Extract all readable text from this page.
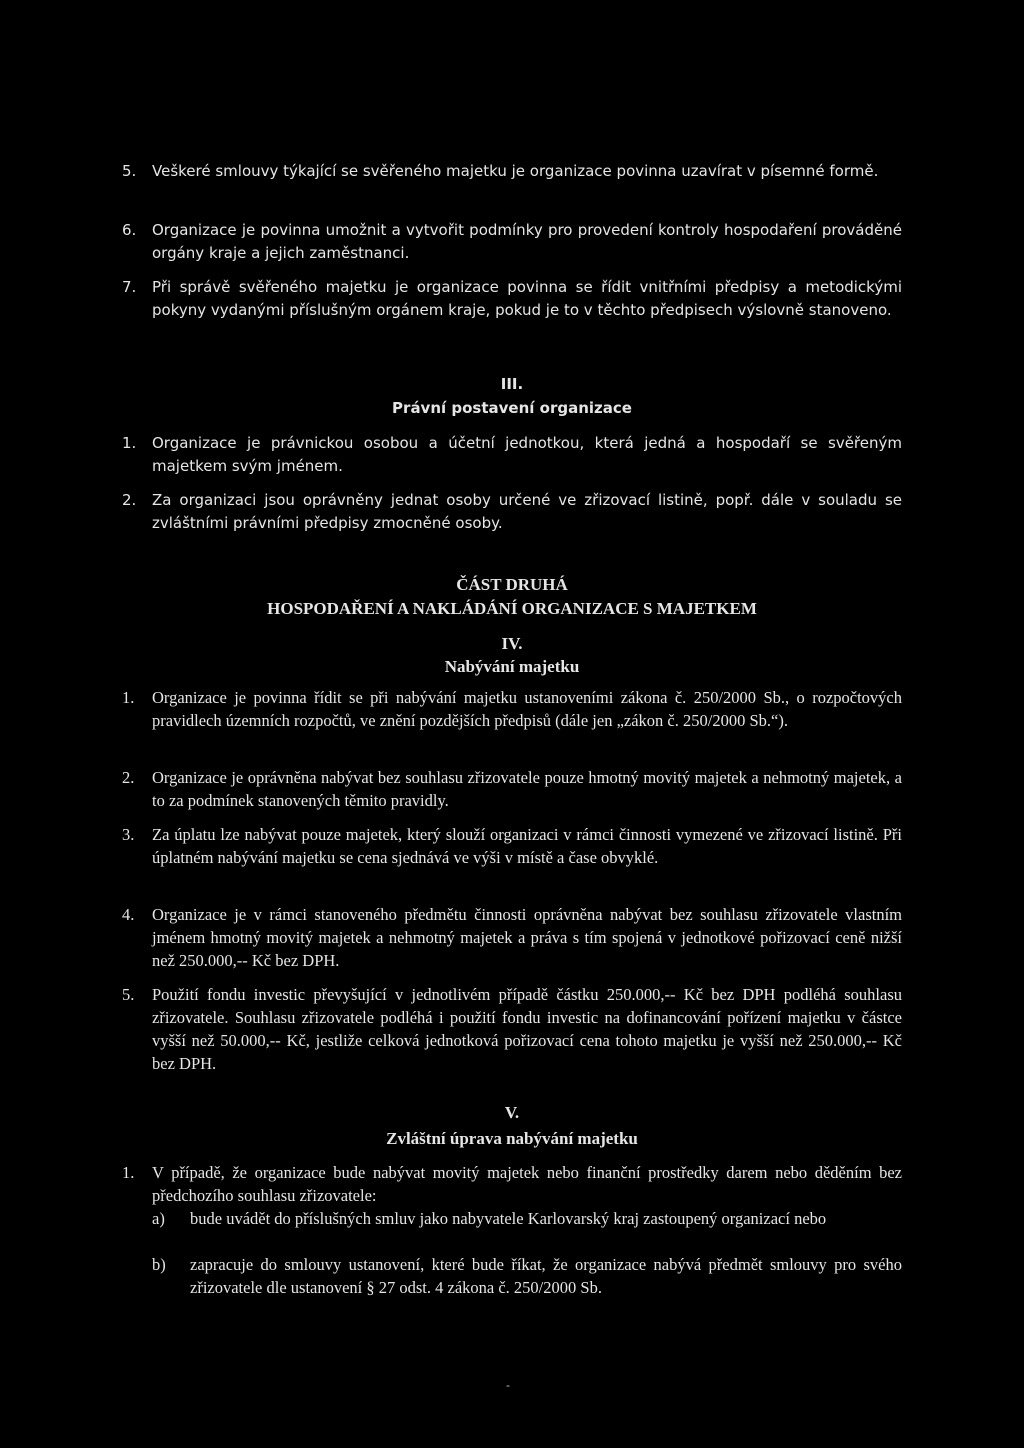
5. Veškeré smlouvy týkající se svěřeného majetku je organizace povinna uzavírat v písemné formě.
6. Organizace je povinna umožnit a vytvořit podmínky pro provedení kontroly hospodaření prováděné orgány kraje a jejich zaměstnanci.
7. Při správě svěřeného majetku je organizace povinna se řídit vnitřními předpisy a metodickými pokyny vydanými příslušným orgánem kraje, pokud je to v těchto předpisech výslovně stanoveno.
III.
Právní postavení organizace
1. Organizace je právnickou osobou a účetní jednotkou, která jedná a hospodaří se svěřeným majetkem svým jménem.
2. Za organizaci jsou oprávněny jednat osoby určené ve zřizovací listině, popř. dále v souladu se zvláštními právními předpisy zmocněné osoby.
ČÁST DRUHÁ
HOSPODAŘENÍ A NAKLÁDÁNÍ ORGANIZACE S MAJETKEM
IV.
Nabývání majetku
1. Organizace je povinna řídit se při nabývání majetku ustanoveními zákona č. 250/2000 Sb., o rozpočtových pravidlech územních rozpočtů, ve znění pozdějších předpisů (dále jen „zákon č. 250/2000 Sb.“).
2. Organizace je oprávněna nabývat bez souhlasu zřizovatele pouze hmotný movitý majetek a nehmotný majetek, a to za podmínek stanovených těmito pravidly.
3. Za úplatu lze nabývat pouze majetek, který slouží organizaci v rámci činnosti vymezené ve zřizovací listině. Při úplatném nabývání majetku se cena sjednává ve výši v místě a čase obvyklé.
4. Organizace je v rámci stanoveného předmětu činnosti oprávněna nabývat bez souhlasu zřizovatele vlastním jménem hmotný movitý majetek a nehmotný majetek a práva s tím spojená v jednotkové pořizovací ceně nižší než 250.000,-- Kč bez DPH.
5. Použití fondu investic převyšující v jednotlivém případě částku 250.000,-- Kč bez DPH podléhá souhlasu zřizovatele. Souhlasu zřizovatele podléhá i použití fondu investic na dofinancování pořízení majetku v částce vyšší než 50.000,-- Kč, jestliže celková jednotková pořizovací cena tohoto majetku je vyšší než 250.000,-- Kč bez DPH.
V.
Zvláštní úprava nabývání majetku
1. V případě, že organizace bude nabývat movitý majetek nebo finanční prostředky darem nebo děděním bez předchozího souhlasu zřizovatele:
a) bude uvádět do příslušných smluv jako nabyvatele Karlovarský kraj zastoupený organizací nebo
b) zapracuje do smlouvy ustanovení, které bude říkat, že organizace nabývá předmět smlouvy pro svého zřizovatele dle ustanovení § 27 odst. 4 zákona č. 250/2000 Sb.
-
